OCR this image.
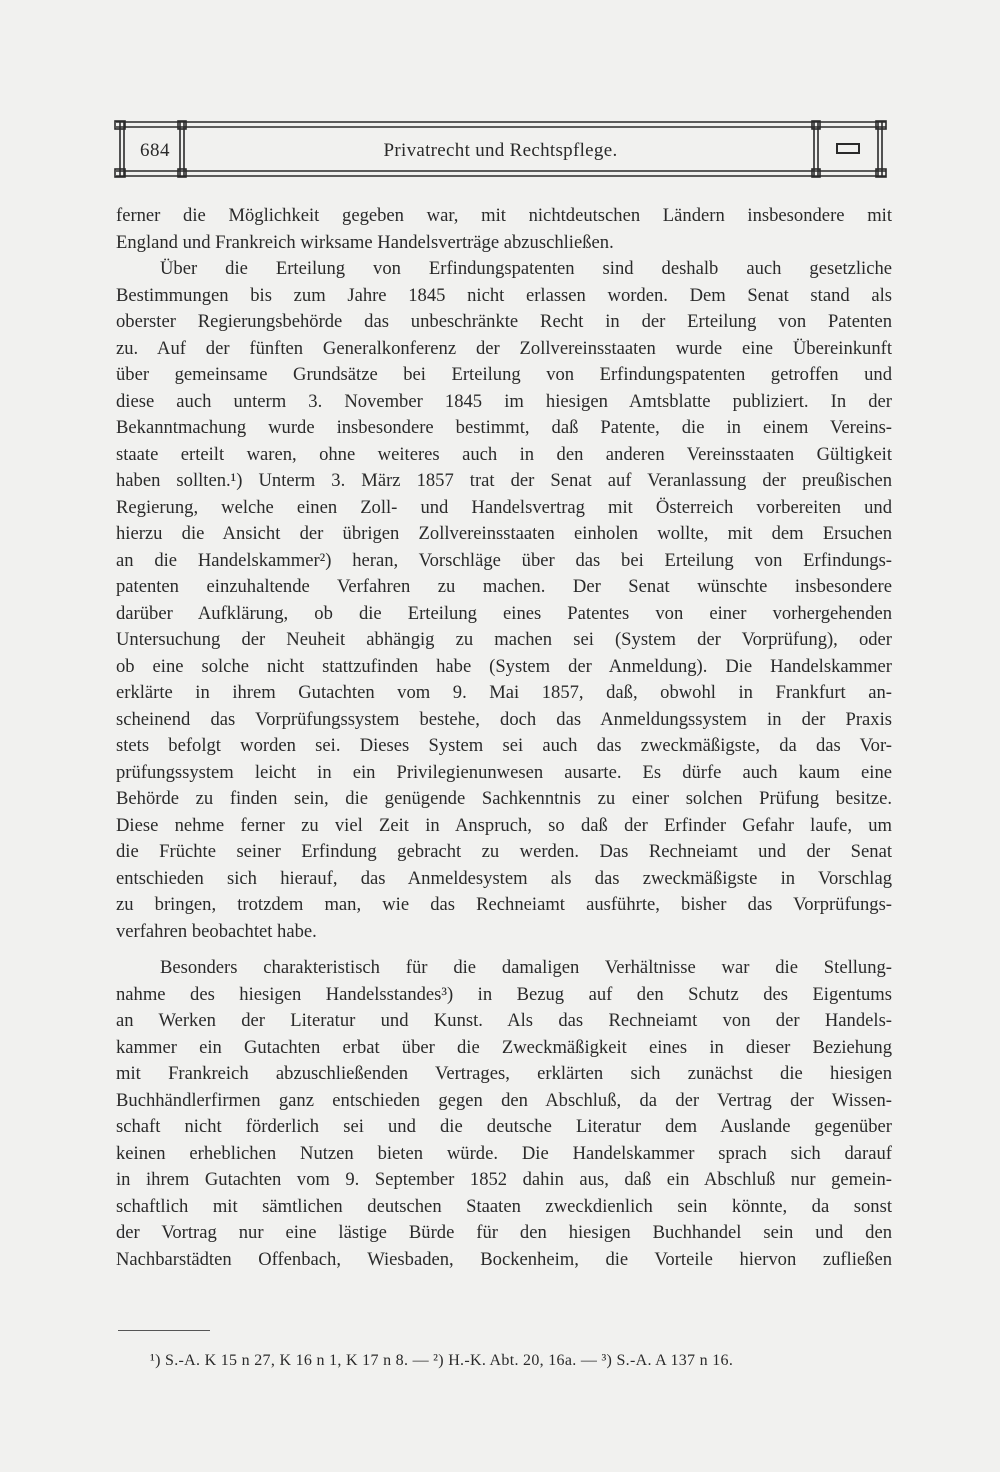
684	Privatrecht und Rechtspflege.
ferner die Möglichkeit gegeben war, mit nichtdeutschen Ländern insbesondere mit
England und Frankreich wirksame Handelsverträge abzuschließen.
Über die Erteilung von Erfindungspatenten sind deshalb auch gesetzliche
Bestimmungen bis zum Jahre 1845 nicht erlassen worden. Dem Senat stand als
oberster Regierungsbehörde das unbeschränkte Recht in der Erteilung von Patenten
zu. Auf der fünften Generalkonferenz der Zollvereinsstaaten wurde eine Übereinkunft
über gemeinsame Grundsätze bei Erteilung von Erfindungspatenten getroffen und
diese auch unterm 3. November 1845 im hiesigen Amtsblatte publiziert. In der
Bekanntmachung wurde insbesondere bestimmt, daß Patente, die in einem Vereins-
staate erteilt waren, ohne weiteres auch in den anderen Vereinsstaaten Gültigkeit
haben sollten.¹) Unterm 3. März 1857 trat der Senat auf Veranlassung der preußischen
Regierung, welche einen Zoll- und Handelsvertrag mit Österreich vorbereiten und
hierzu die Ansicht der übrigen Zollvereinsstaaten einholen wollte, mit dem Ersuchen
an die Handelskammer²) heran, Vorschläge über das bei Erteilung von Erfindungs-
patenten einzuhaltende Verfahren zu machen. Der Senat wünschte insbesondere
darüber Aufklärung, ob die Erteilung eines Patentes von einer vorhergehenden
Untersuchung der Neuheit abhängig zu machen sei (System der Vorprüfung), oder
ob eine solche nicht stattzufinden habe (System der Anmeldung). Die Handelskammer
erklärte in ihrem Gutachten vom 9. Mai 1857, daß, obwohl in Frankfurt an-
scheinend das Vorprüfungssystem bestehe, doch das Anmeldungssystem in der Praxis
stets befolgt worden sei. Dieses System sei auch das zweckmäßigste, da das Vor-
prüfungssystem leicht in ein Privilegienunwesen ausarte. Es dürfe auch kaum eine
Behörde zu finden sein, die genügende Sachkenntnis zu einer solchen Prüfung besitze.
Diese nehme ferner zu viel Zeit in Anspruch, so daß der Erfinder Gefahr laufe, um
die Früchte seiner Erfindung gebracht zu werden. Das Rechneiamt und der Senat
entschieden sich hierauf, das Anmeldesystem als das zweckmäßigste in Vorschlag
zu bringen, trotzdem man, wie das Rechneiamt ausführte, bisher das Vorprüfungs-
verfahren beobachtet habe.
Besonders charakteristisch für die damaligen Verhältnisse war die Stellung-
nahme des hiesigen Handelsstandes³) in Bezug auf den Schutz des Eigentums
an Werken der Literatur und Kunst. Als das Rechneiamt von der Handels-
kammer ein Gutachten erbat über die Zweckmäßigkeit eines in dieser Beziehung
mit Frankreich abzuschließenden Vertrages, erklärten sich zunächst die hiesigen
Buchhändlerfirmen ganz entschieden gegen den Abschluß, da der Vertrag der Wissen-
schaft nicht förderlich sei und die deutsche Literatur dem Auslande gegenüber
keinen erheblichen Nutzen bieten würde. Die Handelskammer sprach sich darauf
in ihrem Gutachten vom 9. September 1852 dahin aus, daß ein Abschluß nur gemein-
schaftlich mit sämtlichen deutschen Staaten zweckdienlich sein könnte, da sonst
der Vortrag nur eine lästige Bürde für den hiesigen Buchhandel sein und den
Nachbarstädten Offenbach, Wiesbaden, Bockenheim, die Vorteile hiervon zufließen
¹) S.-A. K 15 n 27, K 16 n 1, K 17 n 8. — ²) H.-K. Abt. 20, 16a. — ³) S.-A. A 137 n 16.
